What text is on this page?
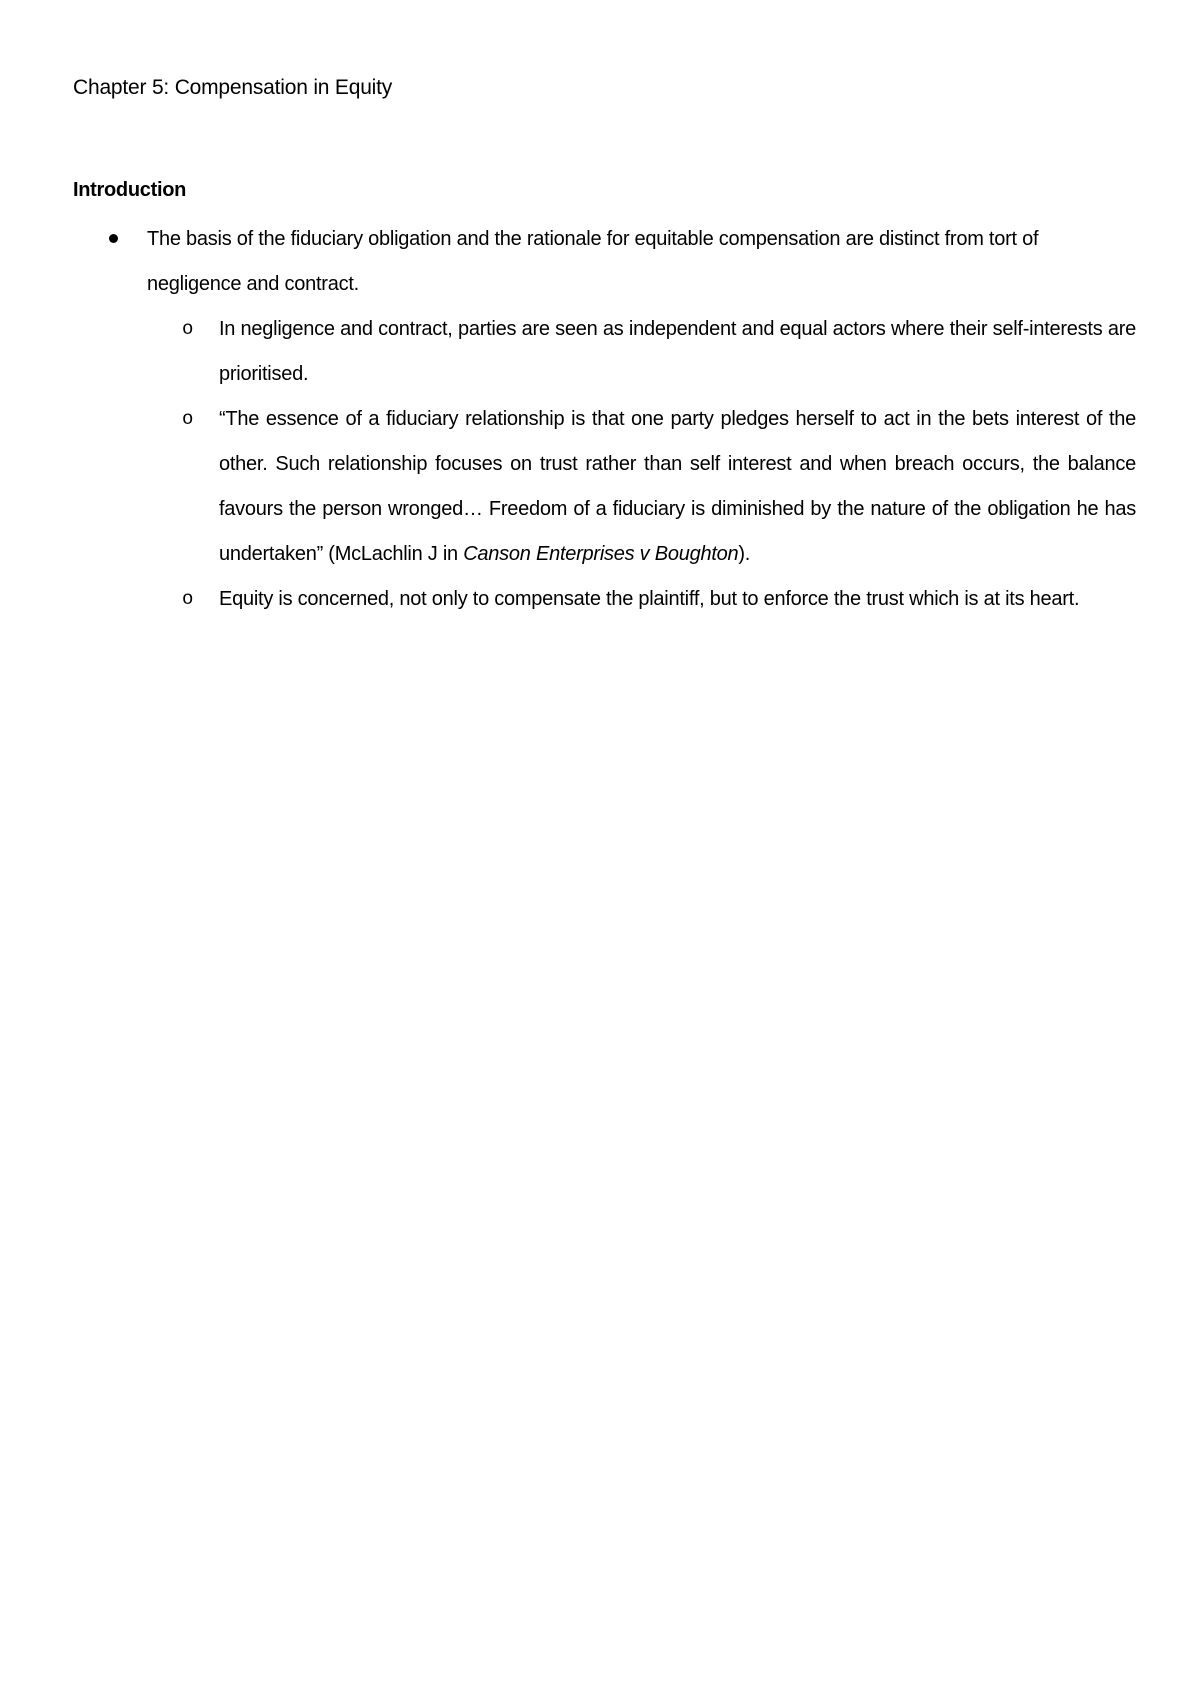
Chapter 5: Compensation in Equity
Introduction
The basis of the fiduciary obligation and the rationale for equitable compensation are distinct from tort of negligence and contract.
o In negligence and contract, parties are seen as independent and equal actors where their self-interests are prioritised.
o “The essence of a fiduciary relationship is that one party pledges herself to act in the bets interest of the other. Such relationship focuses on trust rather than self interest and when breach occurs, the balance favours the person wronged… Freedom of a fiduciary is diminished by the nature of the obligation he has undertaken” (McLachlin J in Canson Enterprises v Boughton).
o Equity is concerned, not only to compensate the plaintiff, but to enforce the trust which is at its heart.
